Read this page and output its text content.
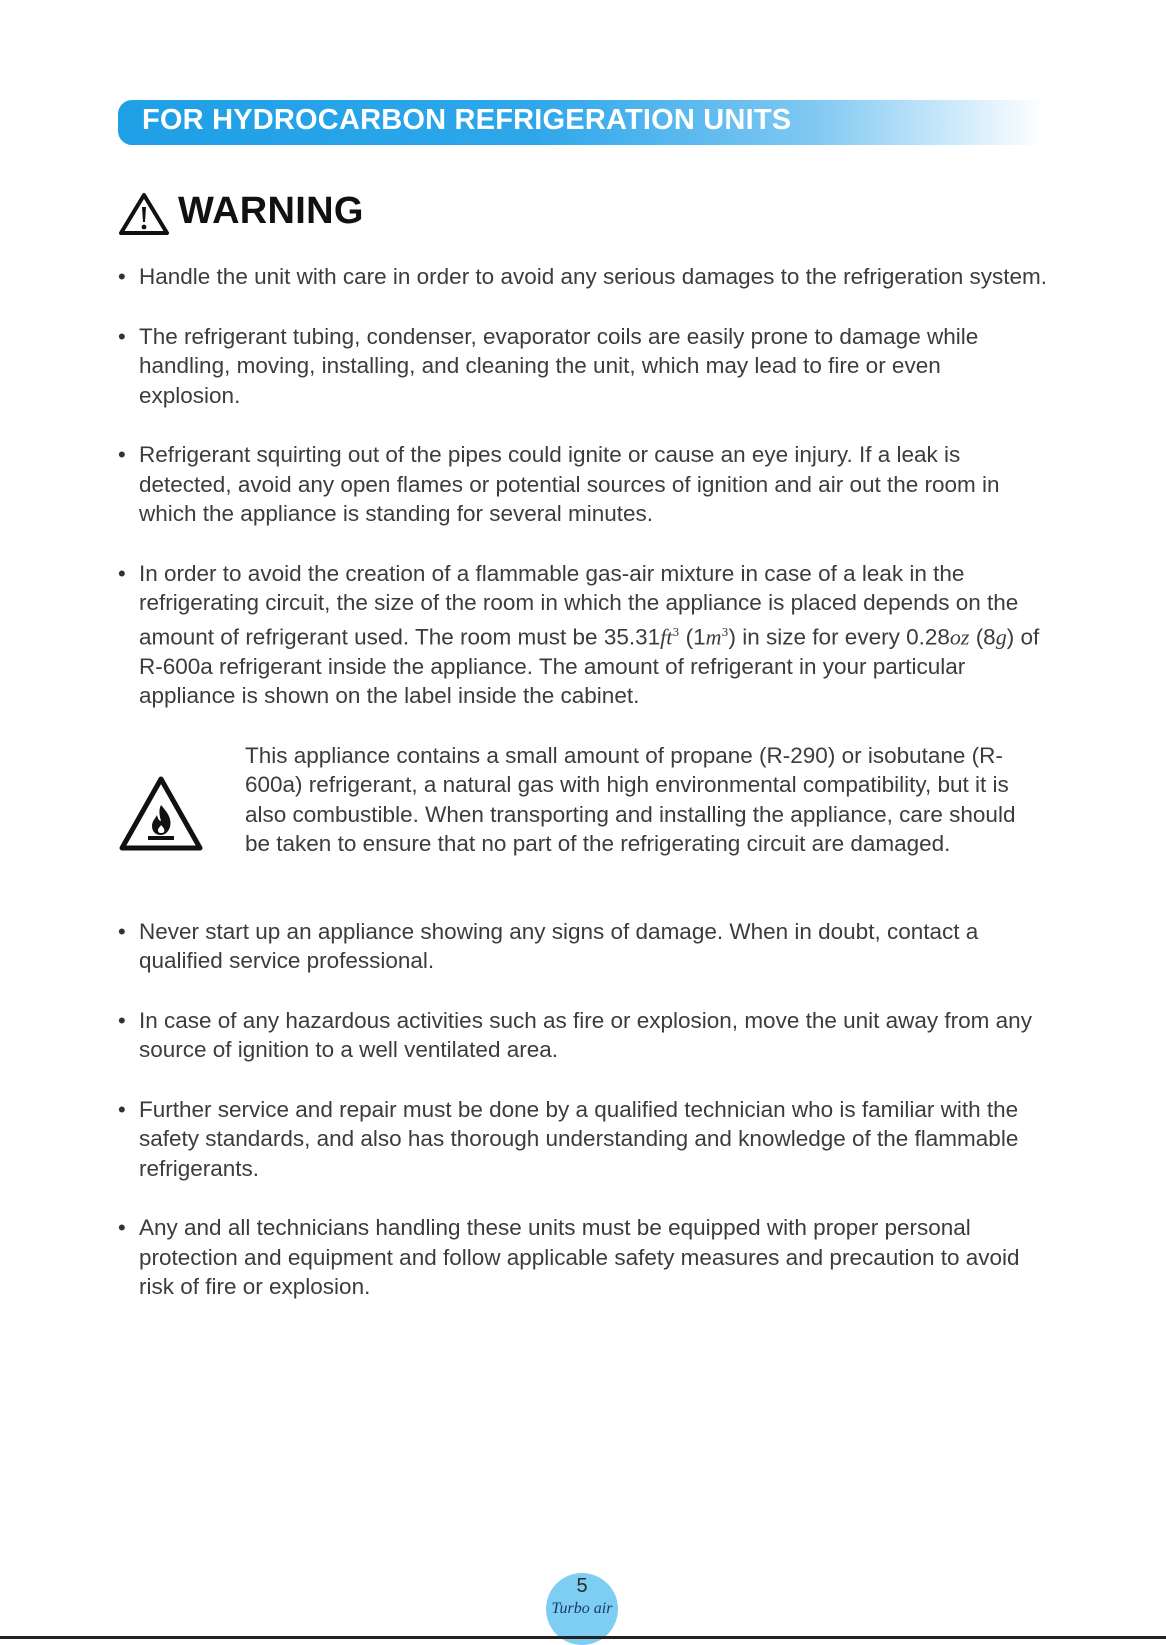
FOR HYDROCARBON REFRIGERATION UNITS
WARNING
• Handle the unit with care in order to avoid any serious damages to the refrigeration system.
• The refrigerant tubing, condenser, evaporator coils are easily prone to damage while handling, moving, installing, and cleaning the unit, which may lead to fire or even explosion.
• Refrigerant squirting out of the pipes could ignite or cause an eye injury. If a leak is detected, avoid any open flames or potential sources of ignition and air out the room in which the appliance is standing for several minutes.
• In order to avoid the creation of a flammable gas-air mixture in case of a leak in the refrigerating circuit, the size of the room in which the appliance is placed depends on the amount of refrigerant used. The room must be $35.31ft^3$ $(1m^3)$ in size for every 0.28oz (8g) of R-600a refrigerant inside the appliance. The amount of refrigerant in your particular appliance is shown on the label inside the cabinet.
This appliance contains a small amount of propane (R-290) or isobutane (R-600a) refrigerant, a natural gas with high environmental compatibility, but it is also combustible. When transporting and installing the appliance, care should be taken to ensure that no part of the refrigerating circuit are damaged.
• Never start up an appliance showing any signs of damage. When in doubt, contact a qualified service professional.
• In case of any hazardous activities such as fire or explosion, move the unit away from any source of ignition to a well ventilated area.
• Further service and repair must be done by a qualified technician who is familiar with the safety standards, and also has thorough understanding and knowledge of the flammable refrigerants.
• Any and all technicians handling these units must be equipped with proper personal protection and equipment and follow applicable safety measures and precaution to avoid risk of fire or explosion.
5
Turbo air
